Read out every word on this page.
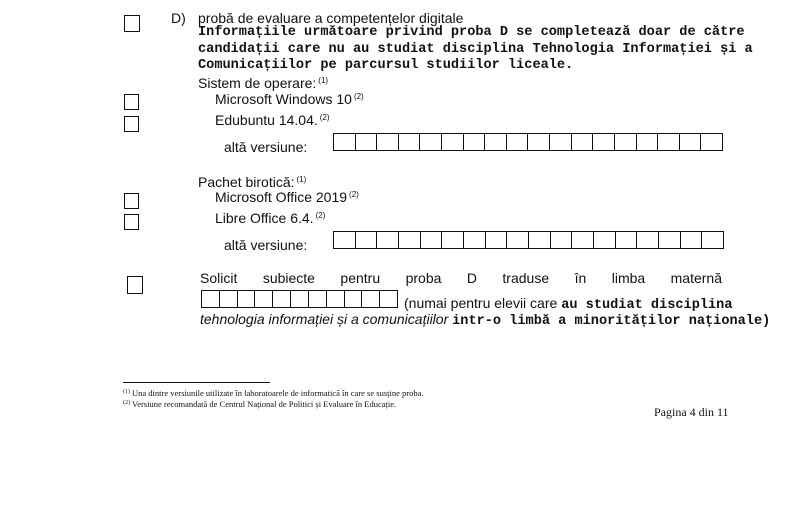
D) probă de evaluare a competențelor digitale
Informațiile următoare privind proba D se completează doar de către
candidații care nu au studiat disciplina Tehnologia Informației și a
Comunicațiilor pe parcursul studiilor liceale.
Sistem de operare: $^{(1)}$
Microsoft Windows 10 $^{(2)}$
Edubuntu 14.04. $^{(2)}$
altă versiune:
Pachet birotică: $^{(1)}$
Microsoft Office 2019 $^{(2)}$
Libre Office 6.4. $^{(2)}$
altă versiune:
Solicit subiecte pentru proba D traduse în limba maternă
(numai pentru elevii care au studiat disciplina
tehnologia informației și a comunicațiilor intr-o limbă a minorităților naționale)
$^{(1)}$ Una dintre versiunile utilizate în laboratoarele de informatică în care se susține proba.
$^{(2)}$ Versiune recomandată de Centrul Național de Politici și Evaluare în Educație.
Pagina 4 din 11
